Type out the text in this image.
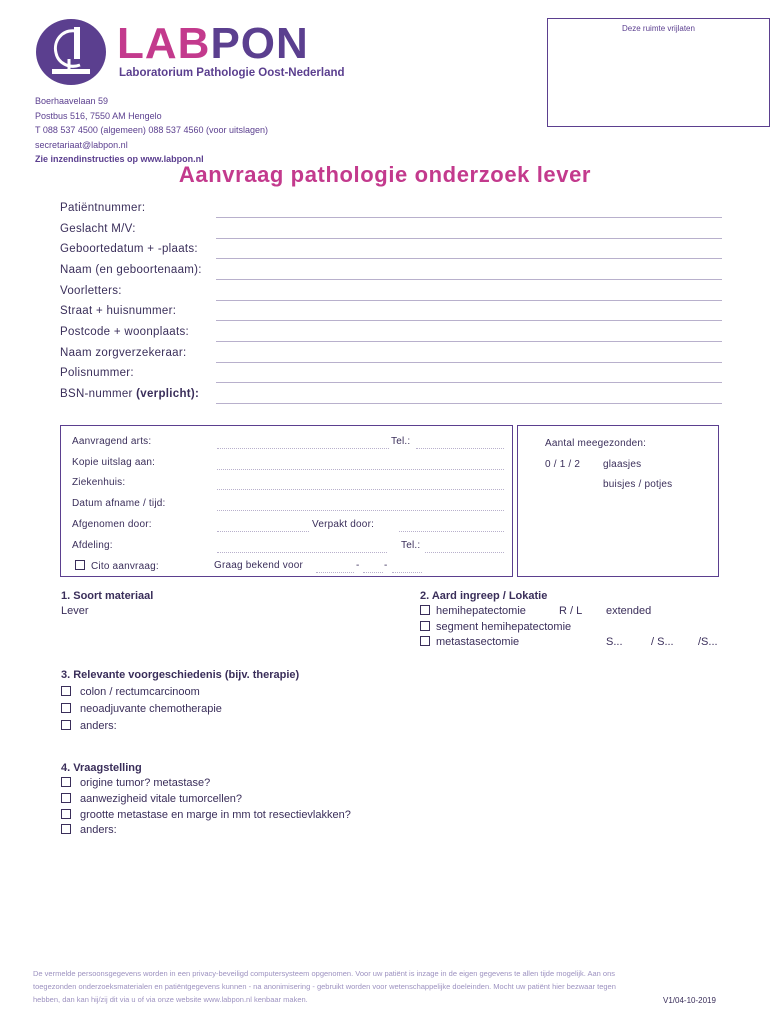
LABPON
Laboratorium Pathologie Oost-Nederland
Deze ruimte vrijlaten
Boerhaavelaan 59
Postbus 516, 7550 AM Hengelo
T 088 537 4500 (algemeen) 088 537 4560 (voor uitslagen)
secretariaat@labpon.nl
Zie inzendinstructies op www.labpon.nl
Aanvraag pathologie onderzoek lever
Patiëntnummer:
Geslacht M/V:
Geboortedatum + -plaats:
Naam (en geboortenaam):
Voorletters:
Straat + huisnummer:
Postcode + woonplaats:
Naam zorgverzekeraar:
Polisnummer:
BSN-nummer (verplicht):
Aanvragend arts:	Tel.:
Kopie uitslag aan:
Ziekenhuis:
Datum afname / tijd:
Afgenomen door:	Verpakt door:
Afdeling:	Tel.:
Cito aanvraag:	Graag bekend voor	- -
Aantal meegezonden:
0 / 1 / 2 glaasjes
buisjes / potjes
1. Soort materiaal
Lever
2. Aard ingreep / Lokatie
hemihepatectomie	R / L extended
segment hemihepatectomie
metastasectomie	S...	/ S... /S...
3. Relevante voorgeschiedenis (bijv. therapie)
colon / rectumcarcinoom
neoadjuvante chemotherapie
anders:
4. Vraagstelling
origine tumor? metastase?
aanwezigheid vitale tumorcellen?
grootte metastase en marge in mm tot resectievlakken?
anders:
De vermelde persoonsgegevens worden in een privacy-beveiligd computersysteem opgenomen. Voor uw patiënt is inzage in de eigen gegevens te allen tijde mogelijk. Aan ons
toegezonden onderzoeksmaterialen en patiëntgegevens kunnen - na anonimisering - gebruikt worden voor wetenschappelijke doeleinden. Mocht uw patiënt hier bezwaar tegen
hebben, dan kan hij/zij dit via u of via onze website www.labpon.nl kenbaar maken.	V1/04-10-2019
